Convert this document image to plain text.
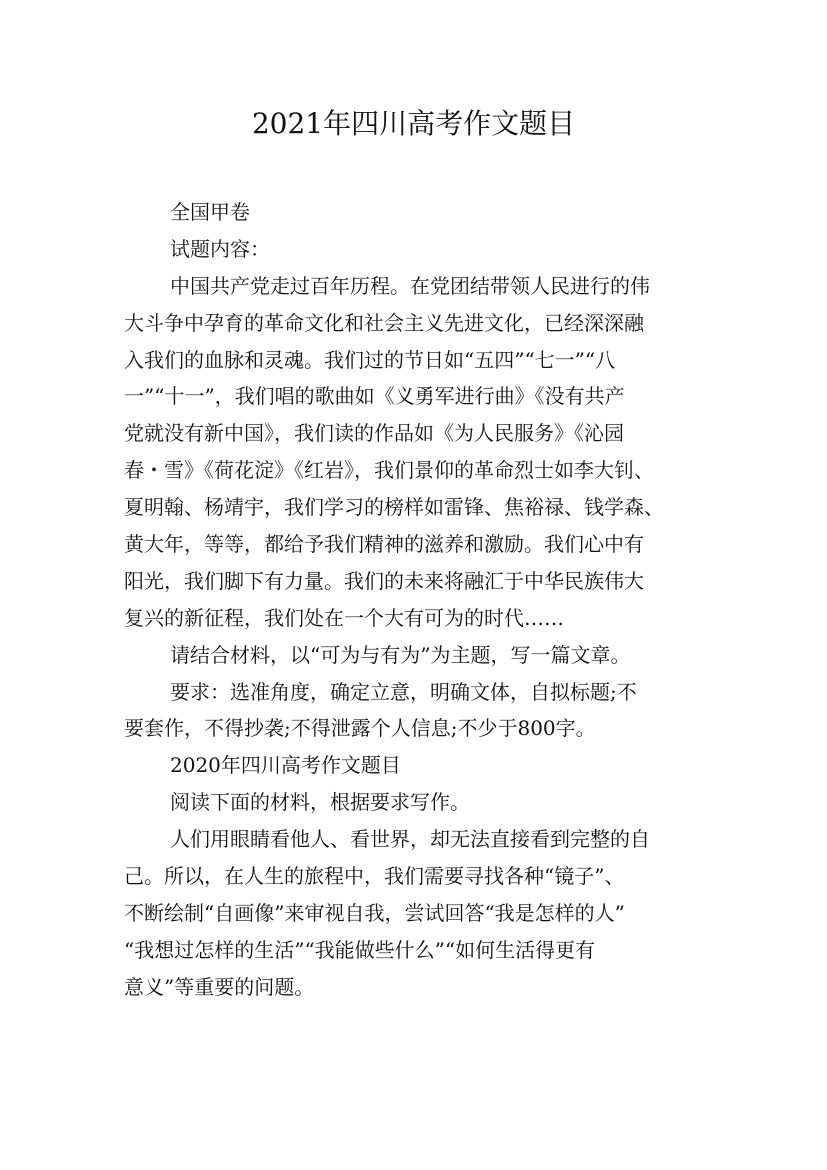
2021年四川高考作文题目
全国甲卷
试题内容：
中国共产党走过百年历程。在党团结带领人民进行的伟
大斗争中孕育的革命文化和社会主义先进文化，已经深深融
入我们的血脉和灵魂。我们过的节日如“五四”“七一”“八
一”“十一”，我们唱的歌曲如《义勇军进行曲》《没有共产
党就没有新中国》，我们读的作品如《为人民服务》《沁园
春・雪》《荷花淀》《红岩》，我们景仰的革命烈士如李大钊、
夏明翰、杨靖宇，我们学习的榜样如雷锋、焦裕禄、钱学森、
黄大年，等等，都给予我们精神的滋养和激励。我们心中有
阳光，我们脚下有力量。我们的未来将融汇于中华民族伟大
复兴的新征程，我们处在一个大有可为的时代……
请结合材料，以“可为与有为”为主题，写一篇文章。
要求：选准角度，确定立意，明确文体，自拟标题;不
要套作，不得抄袭;不得泄露个人信息;不少于800字。
2020年四川高考作文题目
阅读下面的材料，根据要求写作。
人们用眼睛看他人、看世界，却无法直接看到完整的自
己。所以，在人生的旅程中，我们需要寻找各种“镜子”、
不断绘制“自画像”来审视自我，尝试回答“我是怎样的人”
“我想过怎样的生活”“我能做些什么”“如何生活得更有
意义”等重要的问题。
